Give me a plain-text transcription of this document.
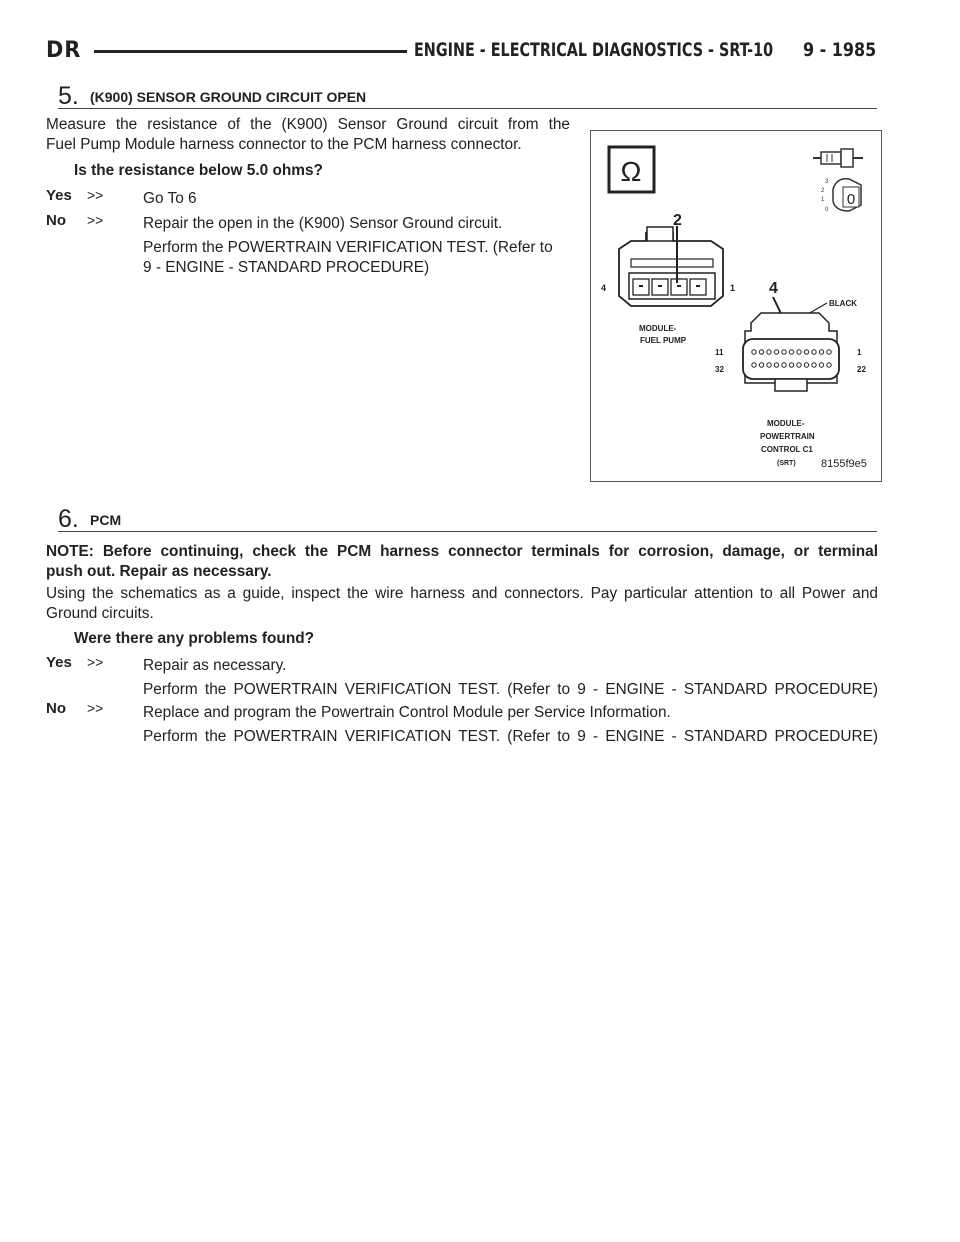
DR	ENGINE - ELECTRICAL DIAGNOSTICS - SRT-10 9 - 1985
5. (K900) SENSOR GROUND CIRCUIT OPEN
Measure the resistance of the (K900) Sensor Ground circuit from the
Fuel Pump Module harness connector to the PCM harness connector.
Is the resistance below 5.0 ohms?
Yes >>	Go To 6
No >>	Repair the open in the (K900) Sensor Ground circuit.
Perform the POWERTRAIN VERIFICATION TEST. (Refer to
9 - ENGINE - STANDARD PROCEDURE)
Ω	3
2
1
0
0
2
4	1
MODULE-
FUEL PUMP
4
BLACK
11
32
1
22
MODULE-
POWERTRAIN
CONTROL C1
(SRT) 8155f9e5
6. PCM
NOTE: Before continuing, check the PCM harness connector terminals for corrosion, damage, or terminal
push out. Repair as necessary.
Using the schematics as a guide, inspect the wire harness and connectors. Pay particular attention to all Power and
Ground circuits.
Were there any problems found?
Yes >>	Repair as necessary.
Perform the POWERTRAIN VERIFICATION TEST. (Refer to 9 - ENGINE - STANDARD PROCEDURE)
No >>	Replace and program the Powertrain Control Module per Service Information.
Perform the POWERTRAIN VERIFICATION TEST. (Refer to 9 - ENGINE - STANDARD PROCEDURE)
